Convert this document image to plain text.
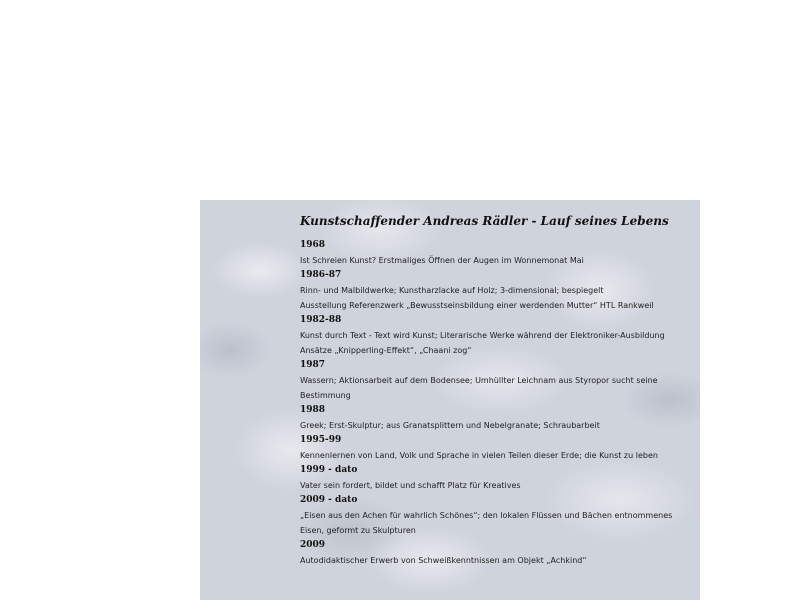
Kunstschaffender Andreas Rädler - Lauf seines Lebens
1968
Ist Schreien Kunst? Erstmaliges Öffnen der Augen im Wonnemonat Mai
1986-87
Rinn- und Malbildwerke; Kunstharzlacke auf Holz; 3-dimensional; bespiegelt
Ausstellung Referenzwerk „Bewusstseinsbildung einer werdenden Mutter“ HTL Rankweil
1982-88
Kunst durch Text - Text wird Kunst; Literarische Werke während der Elektroniker-Ausbildung
Ansätze „Knipperling-Effekt“, „Chaani zog“
1987
Wassern; Aktionsarbeit auf dem Bodensee; Umhüllter Leichnam aus Styropor sucht seine
Bestimmung
1988
Greek; Erst-Skulptur; aus Granatsplittern und Nebelgranate; Schraubarbeit
1995-99
Kennenlernen von Land, Volk und Sprache in vielen Teilen dieser Erde; die Kunst zu leben
1999 - dato
Vater sein fordert, bildet und schafft Platz für Kreatives
2009 - dato
„Eisen aus den Achen für wahrlich Schönes“; den lokalen Flüssen und Bächen entnommenes
Eisen, geformt zu Skulpturen
2009
Autodidaktischer Erwerb von Schweißkenntnissen am Objekt „Achkind“
